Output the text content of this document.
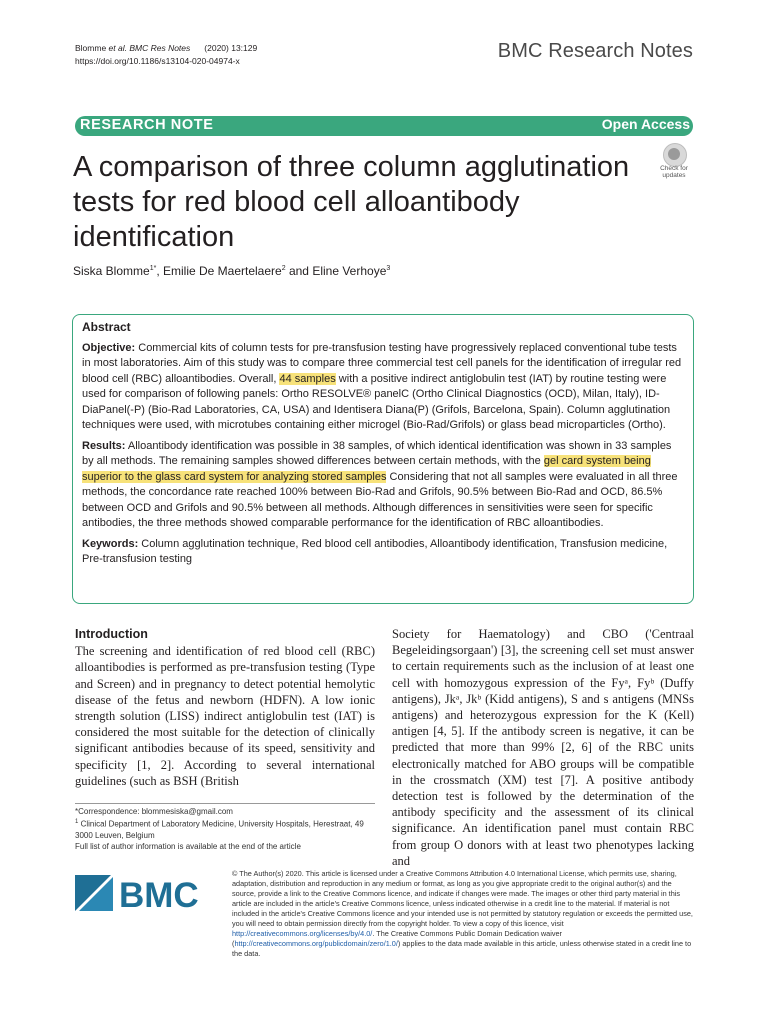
Blomme et al. BMC Res Notes (2020) 13:129
https://doi.org/10.1186/s13104-020-04974-x	BMC Research Notes
RESEARCH NOTE	Open Access
A comparison of three column agglutination tests for red blood cell alloantibody identification
Check for updates
Siska Blomme$^{1*}$, Emilie De Maertelaere$^2$ and Eline Verhoye$^3$
Abstract

Objective: Commercial kits of column tests for pre-transfusion testing have progressively replaced conventional tube tests in most laboratories. Aim of this study was to compare three commercial test cell panels for the identification of irregular red blood cell (RBC) alloantibodies. Overall, 44 samples with a positive indirect antiglobulin test (IAT) by routine testing were used for comparison of following panels: Ortho RESOLVE® panelC (Ortho Clinical Diagnostics (OCD), Milan, Italy), ID-DiaPanel(-P) (Bio-Rad Laboratories, CA, USA) and Identisera Diana(P) (Grifols, Barcelona, Spain). Column agglutination techniques were used, with microtubes containing either microgel (Bio-Rad/Grifols) or glass bead microparticles (Ortho).

Results: Alloantibody identification was possible in 38 samples, of which identical identification was shown in 33 samples by all methods. The remaining samples showed differences between certain methods, with the gel card system being superior to the glass card system for analyzing stored samples Considering that not all samples were evaluated in all three methods, the concordance rate reached 100% between Bio-Rad and Grifols, 90.5% between Bio-Rad and OCD, 86.5% between OCD and Grifols and 90.5% between all methods. Although differences in sensitivities were seen for specific antibodies, the three methods showed comparable performance for the identification of RBC alloantibodies.

Keywords: Column agglutination technique, Red blood cell antibodies, Alloantibody identification, Transfusion medicine, Pre-transfusion testing

Introduction
The screening and identification of red blood cell (RBC) alloantibodies is performed as pre-transfusion testing (Type and Screen) and in pregnancy to detect potential hemolytic disease of the fetus and newborn (HDFN). A low ionic strength solution (LISS) indirect antiglobulin test (IAT) is considered the most suitable for the detection of clinically significant antibodies because of its speed, sensitivity and specificity [1, 2]. According to several international guidelines (such as BSH (British
Society for Haematology) and CBO ('Centraal Begeleidingsorgaan') [3], the screening cell set must answer to certain requirements such as the inclusion of at least one cell with homozygous expression of the Fyᵃ, Fyᵇ (Duffy antigens), Jkᵃ, Jkᵇ (Kidd antigens), S and s antigens (MNSs antigens) and heterozygous expression for the K (Kell) antigen [4, 5]. If the antibody screen is negative, it can be predicted that more than 99% [2, 6] of the RBC units electronically matched for ABO groups will be compatible in the crossmatch (XM) test [7]. A positive antibody detection test is followed by the determination of the antibody specificity and the assessment of its clinical significance. An identification panel must contain RBC from group O donors with at least two phenotypes lacking and
*Correspondence: blommesiska@gmail.com
$^1$ Clinical Department of Laboratory Medicine, University Hospitals, Herestraat, 49 3000 Leuven, Belgium
Full list of author information is available at the end of the article
BMC
© The Author(s) 2020. This article is licensed under a Creative Commons Attribution 4.0 International License, which permits use, sharing, adaptation, distribution and reproduction in any medium or format, as long as you give appropriate credit to the original author(s) and the source, provide a link to the Creative Commons licence, and indicate if changes were made. The images or other third party material in this article are included in the article's Creative Commons licence, unless indicated otherwise in a credit line to the material. If material is not included in the article's Creative Commons licence and your intended use is not permitted by statutory regulation or exceeds the permitted use, you will need to obtain permission directly from the copyright holder. To view a copy of this licence, visit http://creativecommons.org/licenses/by/4.0/. The Creative Commons Public Domain Dedication waiver (http://creativecommons.org/publicdomain/zero/1.0/) applies to the data made available in this article, unless otherwise stated in a credit line to the data.
